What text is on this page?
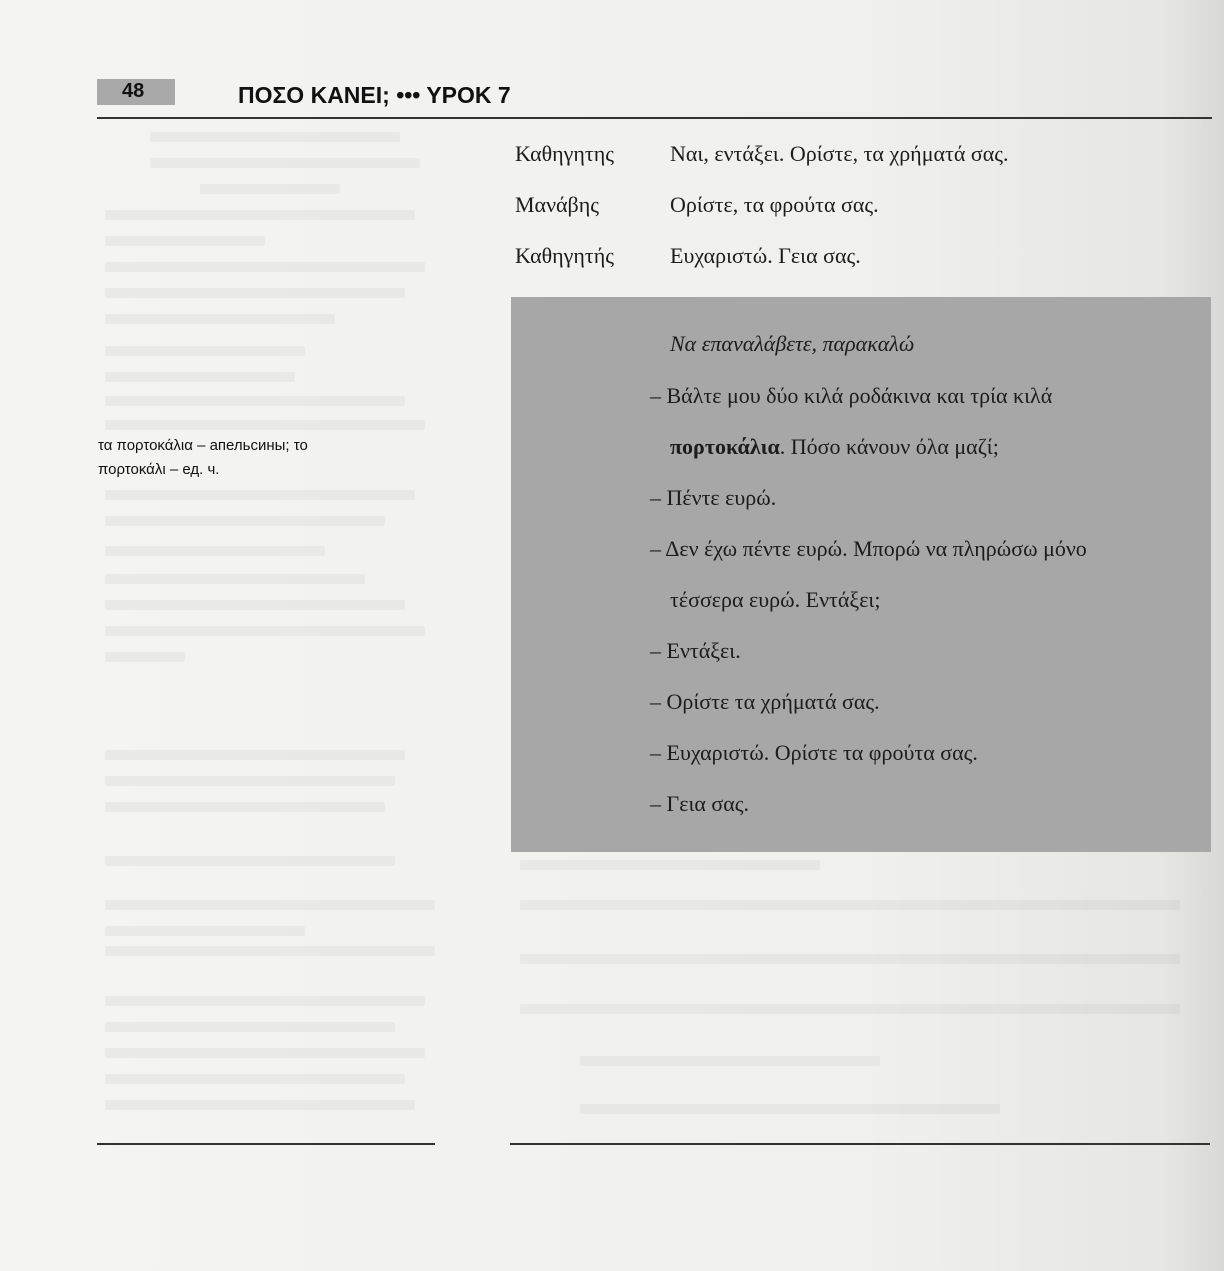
48	ΠΟΣΟ ΚΑΝΕΙ; ••• ΥΡΟΚ 7
τα πορτοκάλια – апельсины; το
πορτοκάλι – ед. ч.
Καθηγητης	Ναι, εντάξει. Ορίστε, τα χρήματά σας.
Μανάβης	Ορίστε, τα φρούτα σας.
Καθηγητής	Ευχαριστώ. Γεια σας.
Να επαναλάβετε, παρακαλώ
– Βάλτε μου δύο κιλά ροδάκινα και τρία κιλά
πορτοκάλια . Πόσο κάνουν όλα μαζί;
– Πέντε ευρώ.
– Δεν έχω πέντε ευρώ. Μπορώ να πληρώσω μόνο
τέσσερα ευρώ. Εντάξει;
– Εντάξει.
– Ορίστε τα χρήματά σας.
– Ευχαριστώ. Ορίστε τα φρούτα σας.
– Γεια σας.
